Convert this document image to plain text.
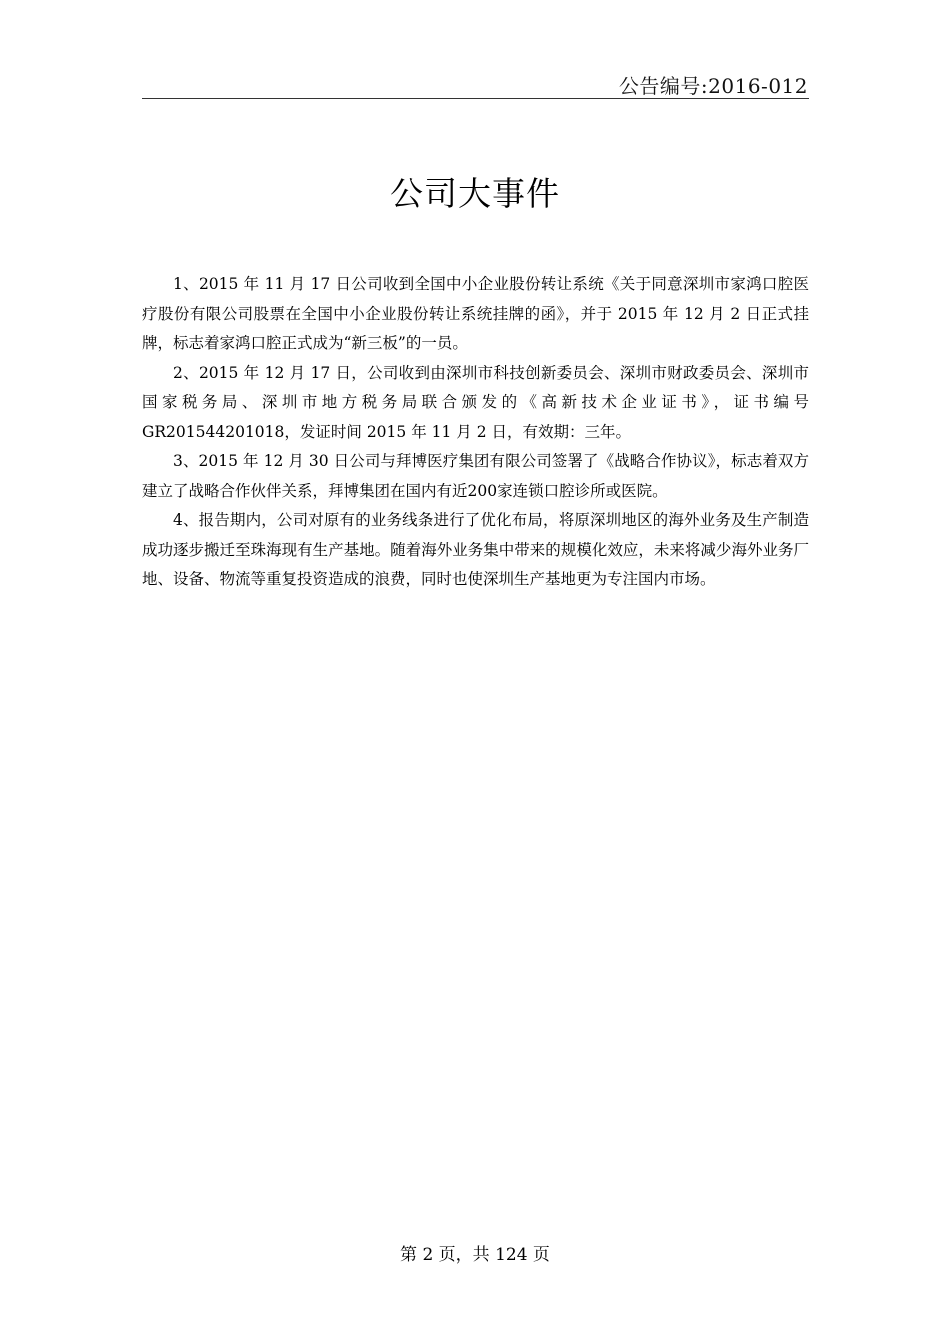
公告编号:2016-012
公司大事件

1、2015 年 11 月 17 日公司收到全国中小企业股份转让系统《关于同意深圳市家鸿口腔医疗股份有限公司股票在全国中小企业股份转让系统挂牌的函》，并于 2015 年 12 月 2 日正式挂牌，标志着家鸿口腔正式成为“新三板”的一员。

2、2015 年 12 月 17 日，公司收到由深圳市科技创新委员会、深圳市财政委员会、深圳市国家税务局、深圳市地方税务局联合颁发的《高新技术企业证书》，证书编号 GR201544201018，发证时间 2015 年 11 月 2 日，有效期：三年。

3、2015 年 12 月 30 日公司与拜博医疗集团有限公司签署了《战略合作协议》，标志着双方建立了战略合作伙伴关系，拜博集团在国内有近200家连锁口腔诊所或医院。

4、报告期内，公司对原有的业务线条进行了优化布局，将原深圳地区的海外业务及生产制造成功逐步搬迁至珠海现有生产基地。随着海外业务集中带来的规模化效应，未来将减少海外业务厂地、设备、物流等重复投资造成的浪费，同时也使深圳生产基地更为专注国内市场。

第 2 页，共 124 页
